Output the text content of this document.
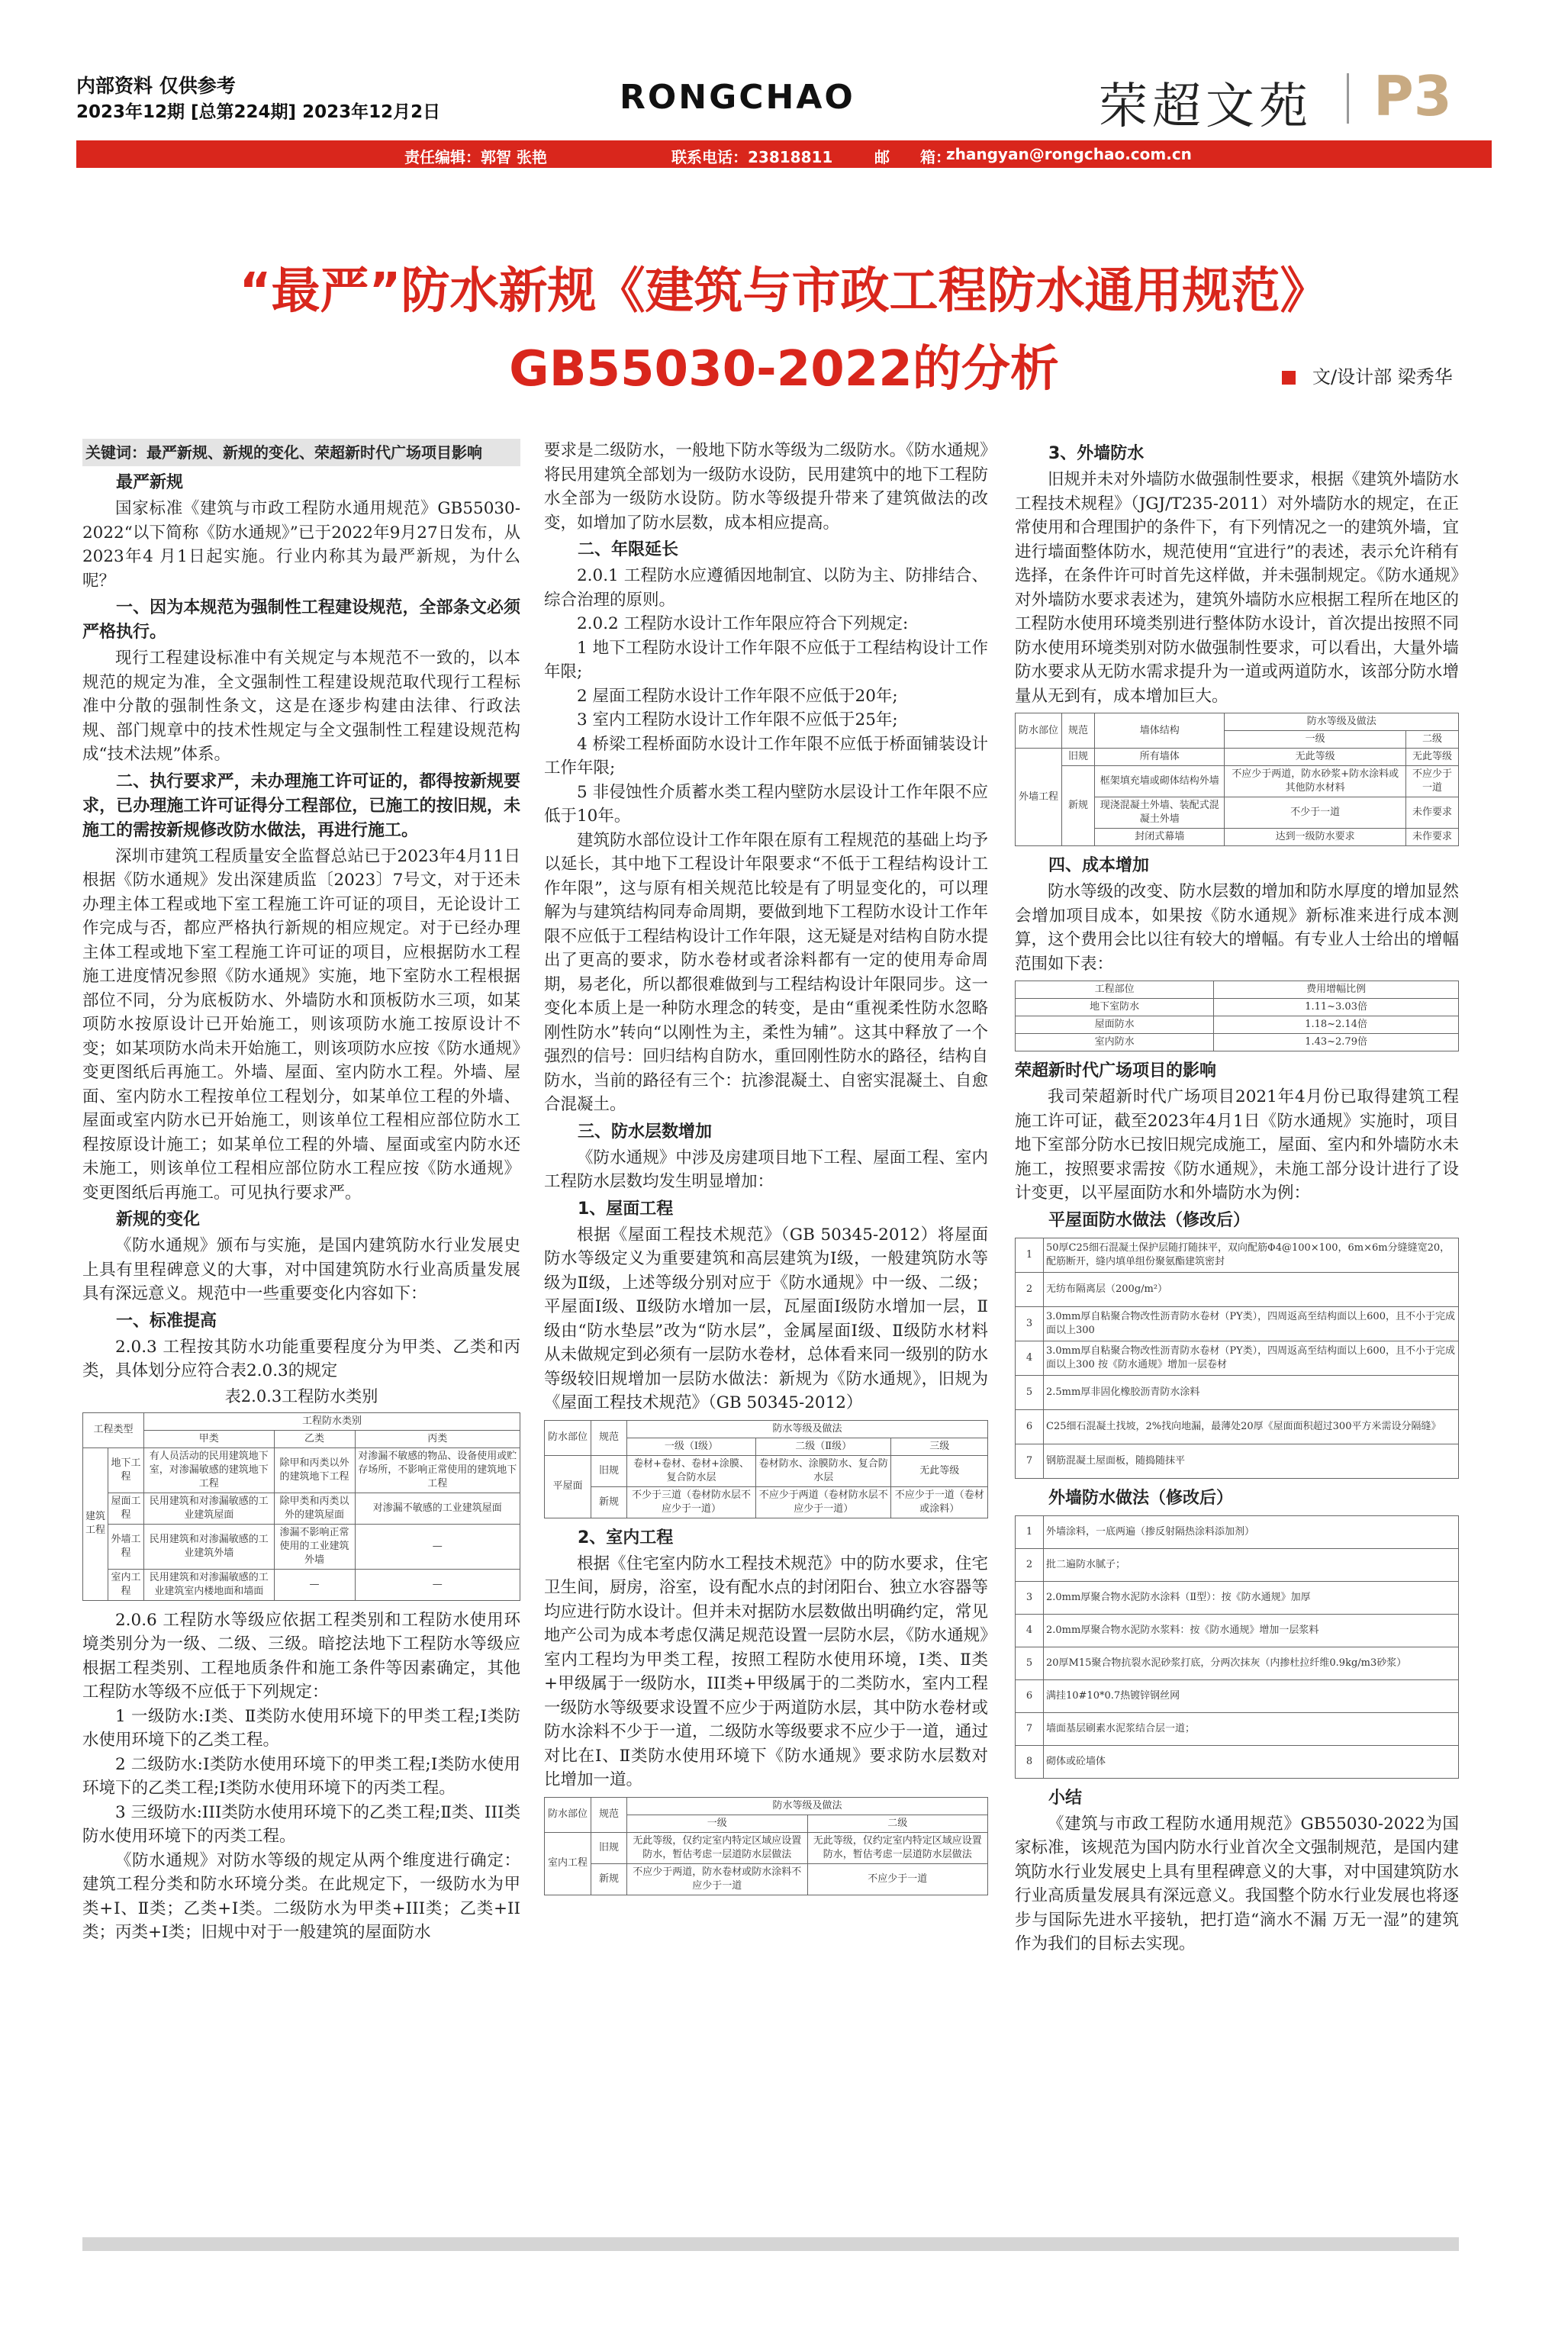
内部资料 仅供参考
2023年12期 [总第224期] 2023年12月2日	RONGCHAO	荣超文苑 P3
责任编辑：郭智 张艳	联系电话：23818811	邮　　箱：
zhangyan@rongchao.com.cn
“最严”防水新规《建筑与市政工程防水通用规范》
GB55030-2022的分析	文/设计部 梁秀华
关键词：最严新规、新规的变化、荣超新时代广场项目影响
最严新规

国家标准《建筑与市政工程防水通用规范》GB55030-2022“以下简称《防水通规》”已于2022年9月27日发布，从2023年4 月1日起实施。行业内称其为最严新规，为什么呢？

一、因为本规范为强制性工程建设规范，全部条文必须严格执行。

现行工程建设标准中有关规定与本规范不一致的，以本规范的规定为准，全文强制性工程建设规范取代现行工程标准中分散的强制性条文，这是在逐步构建由法律、行政法规、部门规章中的技术性规定与全文强制性工程建设规范构成“技术法规”体系。

二、执行要求严，未办理施工许可证的，都得按新规要求，已办理施工许可证得分工程部位，已施工的按旧规，未施工的需按新规修改防水做法，再进行施工。

深圳市建筑工程质量安全监督总站已于2023年4月11日根据《防水通规》发出深建质监〔2023〕7号文，对于还未办理主体工程或地下室工程施工许可证的项目，无论设计工作完成与否，都应严格执行新规的相应规定。对于已经办理主体工程或地下室工程施工许可证的项目，应根据防水工程施工进度情况参照《防水通规》实施，地下室防水工程根据部位不同，分为底板防水、外墙防水和顶板防水三项，如某项防水按原设计已开始施工，则该项防水施工按原设计不变；如某项防水尚未开始施工，则该项防水应按《防水通规》变更图纸后再施工。外墙、屋面、室内防水工程。外墙、屋面、室内防水工程按单位工程划分，如某单位工程的外墙、屋面或室内防水已开始施工，则该单位工程相应部位防水工程按原设计施工；如某单位工程的外墙、屋面或室内防水还未施工，则该单位工程相应部位防水工程应按《防水通规》变更图纸后再施工。可见执行要求严。

新规的变化

《防水通规》颁布与实施，是国内建筑防水行业发展史上具有里程碑意义的大事，对中国建筑防水行业高质量发展具有深远意义。规范中一些重要变化内容如下：

一、标准提高

2.0.3 工程按其防水功能重要程度分为甲类、乙类和丙类，具体划分应符合表2.0.3的规定

表2.0.3工程防水类别
工程类型		工程防水类别		
		甲类	乙类	丙类
建筑工程	地下工程	有人员活动的民用建筑地下室，对渗漏敏感的建筑地下工程	除甲和丙类以外的建筑地下工程	对渗漏不敏感的物品、设备使用或贮存场所，不影响正常使用的建筑地下工程
	屋面工程	民用建筑和对渗漏敏感的工业建筑屋面	除甲类和丙类以外的建筑屋面	对渗漏不敏感的工业建筑屋面
	外墙工程	民用建筑和对渗漏敏感的工业建筑外墙	渗漏不影响正常使用的工业建筑外墙	—
	室内工程	民用建筑和对渗漏敏感的工业建筑室内楼地面和墙面	—	—

2.0.6 工程防水等级应依据工程类别和工程防水使用环境类别分为一级、二级、三级。暗挖法地下工程防水等级应根据工程类别、工程地质条件和施工条件等因素确定，其他工程防水等级不应低于下列规定：

1 一级防水:Ⅰ类、Ⅱ类防水使用环境下的甲类工程;Ⅰ类防水使用环境下的乙类工程。

2 二级防水:Ⅰ类防水使用环境下的甲类工程;Ⅰ类防水使用环境下的乙类工程;Ⅰ类防水使用环境下的丙类工程。

3 三级防水:III类防水使用环境下的乙类工程;Ⅱ类、III类防水使用环境下的丙类工程。

《防水通规》对防水等级的规定从两个维度进行确定：建筑工程分类和防水环境分类。在此规定下，一级防水为甲类+Ⅰ、Ⅱ类；乙类+Ⅰ类。二级防水为甲类+III类；乙类+II类；丙类+Ⅰ类；旧规中对于一般建筑的屋面防水

要求是二级防水，一般地下防水等级为二级防水。《防水通规》将民用建筑全部划为一级防水设防，民用建筑中的地下工程防水全部为一级防水设防。防水等级提升带来了建筑做法的改变，如增加了防水层数，成本相应提高。

二、年限延长

2.0.1 工程防水应遵循因地制宜、以防为主、防排结合、综合治理的原则。

2.0.2 工程防水设计工作年限应符合下列规定:

1 地下工程防水设计工作年限不应低于工程结构设计工作年限;

2 屋面工程防水设计工作年限不应低于20年;

3 室内工程防水设计工作年限不应低于25年;

4 桥梁工程桥面防水设计工作年限不应低于桥面铺装设计工作年限;

5 非侵蚀性介质蓄水类工程内壁防水层设计工作年限不应低于10年。

建筑防水部位设计工作年限在原有工程规范的基础上均予以延长，其中地下工程设计年限要求“不低于工程结构设计工作年限”，这与原有相关规范比较是有了明显变化的，可以理解为与建筑结构同寿命周期，要做到地下工程防水设计工作年限不应低于工程结构设计工作年限，这无疑是对结构自防水提出了更高的要求，防水卷材或者涂料都有一定的使用寿命周期，易老化，所以都很难做到与工程结构设计年限同步。这一变化本质上是一种防水理念的转变，是由“重视柔性防水忽略刚性防水”转向“以刚性为主，柔性为辅”。这其中释放了一个强烈的信号：回归结构自防水，重回刚性防水的路径，结构自防水，当前的路径有三个：抗渗混凝土、自密实混凝土、自愈合混凝土。

三、防水层数增加

《防水通规》中涉及房建项目地下工程、屋面工程、室内工程防水层数均发生明显增加：

1、屋面工程

根据《屋面工程技术规范》（GB 50345-2012）将屋面防水等级定义为重要建筑和高层建筑为Ⅰ级，一般建筑防水等级为Ⅱ级，上述等级分别对应于《防水通规》中一级、二级；平屋面Ⅰ级、Ⅱ级防水增加一层，瓦屋面Ⅰ级防水增加一层，Ⅱ级由“防水垫层”改为“防水层”，金属屋面Ⅰ级、Ⅱ级防水材料从未做规定到必须有一层防水卷材，总体看来同一级别的防水等级较旧规增加一层防水做法：新规为《防水通规》，旧规为《屋面工程技术规范》（GB 50345-2012）

防水部位	规范	防水等级及做法		
		一级（Ⅰ级）	二级（Ⅱ级）	三级
平屋面	旧规	卷材+卷材、卷材+涂膜、复合防水层	卷材防水、涂膜防水、复合防水层	无此等级
	新规	不少于三道（卷材防水层不应少于一道）	不应少于两道（卷材防水层不应少于一道）	不应少于一道（卷材或涂料）
2、室内工程

根据《住宅室内防水工程技术规范》中的防水要求，住宅卫生间，厨房，浴室，设有配水点的封闭阳台、独立水容器等均应进行防水设计。但并未对据防水层数做出明确约定，常见地产公司为成本考虑仅满足规范设置一层防水层，《防水通规》室内工程均为甲类工程，按照工程防水使用环境，Ⅰ类、Ⅱ类+甲级属于一级防水，III类+甲级属于的二类防水，室内工程一级防水等级要求设置不应少于两道防水层，其中防水卷材或防水涂料不少于一道，二级防水等级要求不应少于一道，通过对比在Ⅰ、Ⅱ类防水使用环境下《防水通规》要求防水层数对比增加一道。

防水部位	规范	防水等级及做法	
		一级	二级
室内工程	旧规	无此等级，仅约定室内特定区域应设置防水，暂估考虑一层道防水层做法	无此等级，仅约定室内特定区域应设置防水，暂估考虑一层道防水层做法
	新规	不应少于两道，防水卷材或防水涂料不应少于一道	不应少于一道
3、外墙防水

旧规并未对外墙防水做强制性要求，根据《建筑外墙防水工程技术规程》（JGJ/T235-2011）对外墙防水的规定，在正常使用和合理围护的条件下，有下列情况之一的建筑外墙，宜进行墙面整体防水，规范使用“宜进行”的表述，表示允许稍有选择，在条件许可时首先这样做，并未强制规定。《防水通规》对外墙防水要求表述为，建筑外墙防水应根据工程所在地区的工程防水使用环境类别进行整体防水设计，首次提出按照不同防水使用环境类别对防水做强制性要求，可以看出，大量外墙防水要求从无防水需求提升为一道或两道防水，该部分防水增量从无到有，成本增加巨大。

防水部位	规范	墙体结构	防水等级及做法	
			一级	二级
外墙工程	旧规	所有墙体	无此等级	无此等级
	新规	框架填充墙或砌体结构外墙	不应少于两道，防水砂浆+防水涂料或其他防水材料	不应少于一道
		现浇混凝土外墙、装配式混凝土外墙	不少于一道	未作要求
		封闭式幕墙	达到一级防水要求	未作要求
四、成本增加

防水等级的改变、防水层数的增加和防水厚度的增加显然会增加项目成本，如果按《防水通规》新标准来进行成本测算，这个费用会比以往有较大的增幅。有专业人士给出的增幅范围如下表：

工程部位	费用增幅比例
地下室防水	1.11~3.03倍
屋面防水	1.18~2.14倍
室内防水	1.43~2.79倍
荣超新时代广场项目的影响

我司荣超新时代广场项目2021年4月份已取得建筑工程施工许可证，截至2023年4月1日《防水通规》实施时，项目地下室部分防水已按旧规完成施工，屋面、室内和外墙防水未施工，按照要求需按《防水通规》，未施工部分设计进行了设计变更，以平屋面防水和外墙防水为例：

平屋面防水做法（修改后）
1	50厚C25细石混凝土保护层随打随抹平，双向配筋Φ4@100×100，6m×6m分缝缝宽20，配筋断开，缝内填单组份聚氨酯建筑密封
2	无纺布隔离层（200g/m²）
3	3.0mm厚自粘聚合物改性沥青防水卷材（PY类），四周返高至结构面以上600，且不小于完成面以上300
4	3.0mm厚自粘聚合物改性沥青防水卷材（PY类），四周返高至结构面以上600，且不小于完成面以上300 按《防水通规》增加一层卷材
5	2.5mm厚非固化橡胶沥青防水涂料
6	C25细石混凝土找坡，2%找向地漏，最薄处20厚《屋面面积超过300平方米需设分隔缝》
7	钢筋混凝土屋面板，随捣随抹平
外墙防水做法（修改后）
1	外墙涂料，一底两遍（掺反射隔热涂料添加剂）
2	批二遍防水腻子；
3	2.0mm厚聚合物水泥防水涂料（Ⅱ型）：按《防水通规》加厚
4	2.0mm厚聚合物水泥防水浆料：按《防水通规》增加一层浆料
5	20厚M15聚合物抗裂水泥砂浆打底，分两次抹灰（内掺杜拉纤维0.9kg/m3砂浆）
6	满挂10#10*0.7热镀锌钢丝网
7	墙面基层刷素水泥浆结合层一道；
8	砌体或砼墙体
小结

《建筑与市政工程防水通用规范》GB55030-2022为国家标准，该规范为国内防水行业首次全文强制规范，是国内建筑防水行业发展史上具有里程碑意义的大事，对中国建筑防水行业高质量发展具有深远意义。我国整个防水行业发展也将逐步与国际先进水平接轨，把打造“滴水不漏 万无一湿”的建筑作为我们的目标去实现。
